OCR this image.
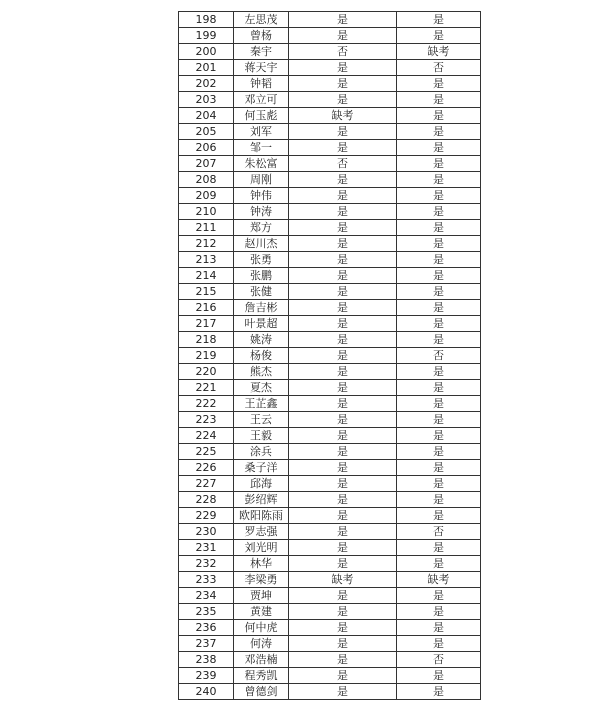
198	左思茂	是	是
199	曾杨	是	是
200	秦宇	否	缺考
201	蒋天宇	是	否
202	钟韬	是	是
203	邓立可	是	是
204	何玉彪	缺考	是
205	刘军	是	是
206	邹一	是	是
207	朱松富	否	是
208	周刚	是	是
209	钟伟	是	是
210	钟涛	是	是
211	郑方	是	是
212	赵川杰	是	是
213	张勇	是	是
214	张鹏	是	是
215	张健	是	是
216	詹吉彬	是	是
217	叶景超	是	是
218	姚涛	是	是
219	杨俊	是	否
220	熊杰	是	是
221	夏杰	是	是
222	王芷鑫	是	是
223	王云	是	是
224	王毅	是	是
225	涂兵	是	是
226	桑子洋	是	是
227	邱海	是	是
228	彭绍辉	是	是
229	欧阳陈雨	是	是
230	罗志强	是	否
231	刘光明	是	是
232	林华	是	是
233	李梁勇	缺考	缺考
234	贾坤	是	是
235	黄建	是	是
236	何中虎	是	是
237	何涛	是	是
238	邓浩楠	是	否
239	程秀凯	是	是
240	曾德剑	是	是
